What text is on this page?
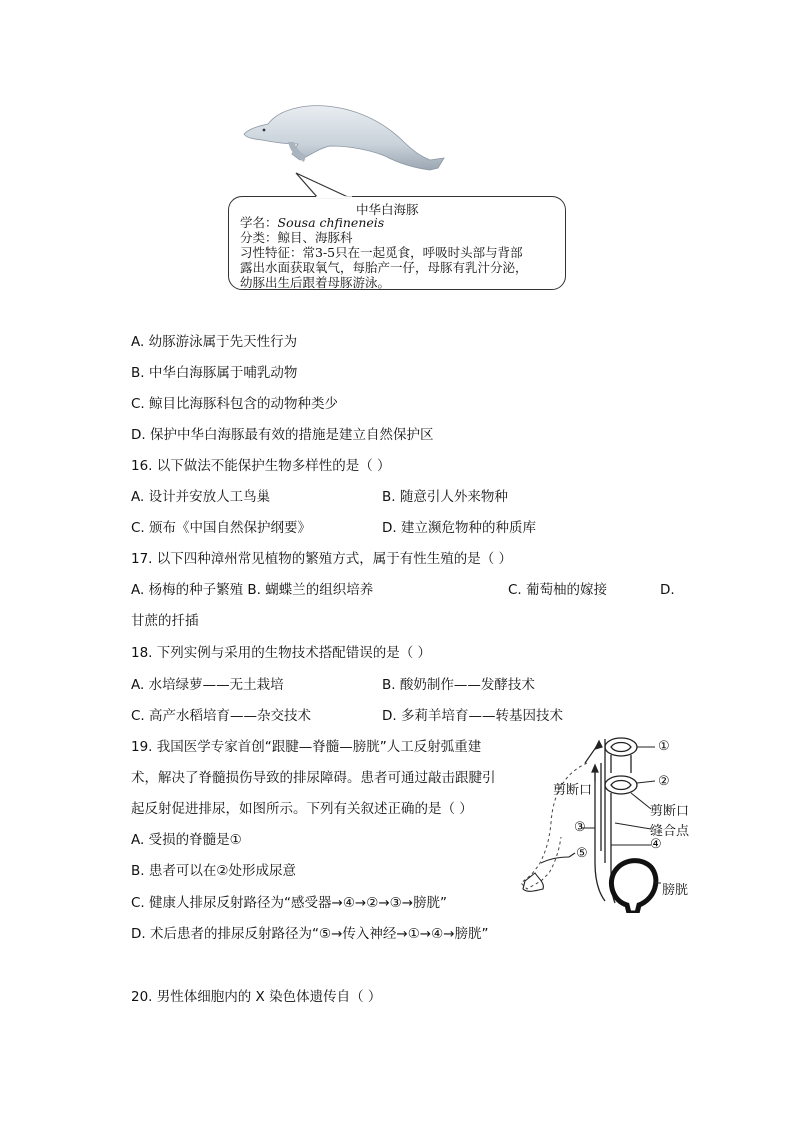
中华白海豚
学名：Sousa chfineneis
分类：鲸目、海豚科
习性特征：常3-5只在一起觅食，呼吸时头部与背部
露出水面获取氧气，每胎产一仔，母豚有乳汁分泌，
幼豚出生后跟着母豚游泳。
A. 幼豚游泳属于先天性行为
B. 中华白海豚属于哺乳动物
C. 鲸目比海豚科包含的动物种类少
D. 保护中华白海豚最有效的措施是建立自然保护区
16. 以下做法不能保护生物多样性的是（ ）
A. 设计并安放人工鸟巢	B. 随意引人外来物种
C. 颁布《中国自然保护纲要》	D. 建立濒危物种的种质库
17. 以下四种漳州常见植物的繁殖方式，属于有性生殖的是（ ）
A. 杨梅的种子繁殖 B. 蝴蝶兰的组织培养	C. 葡萄柚的嫁接	D.
甘蔗的扦插
18. 下列实例与采用的生物技术搭配错误的是（ ）
A. 水培绿萝——无土栽培	B. 酸奶制作——发酵技术
C. 高产水稻培育——杂交技术	D. 多莉羊培育——转基因技术
19. 我国医学专家首创“跟腱—脊髓—膀胱”人工反射弧重建
术，解决了脊髓损伤导致的排尿障碍。患者可通过敲击跟腱引
起反射促进排尿，如图所示。下列有关叙述正确的是（ ）
A. 受损的脊髓是①
B. 患者可以在②处形成尿意
C. 健康人排尿反射路径为“感受器→④→②→③→膀胱”
D. 术后患者的排尿反射路径为“⑤→传入神经→①→④→膀胱”
①
②
剪断口
剪断口
③	缝合点
④
⑤
膀胱
20. 男性体细胞内的 X 染色体遗传自（ ）
